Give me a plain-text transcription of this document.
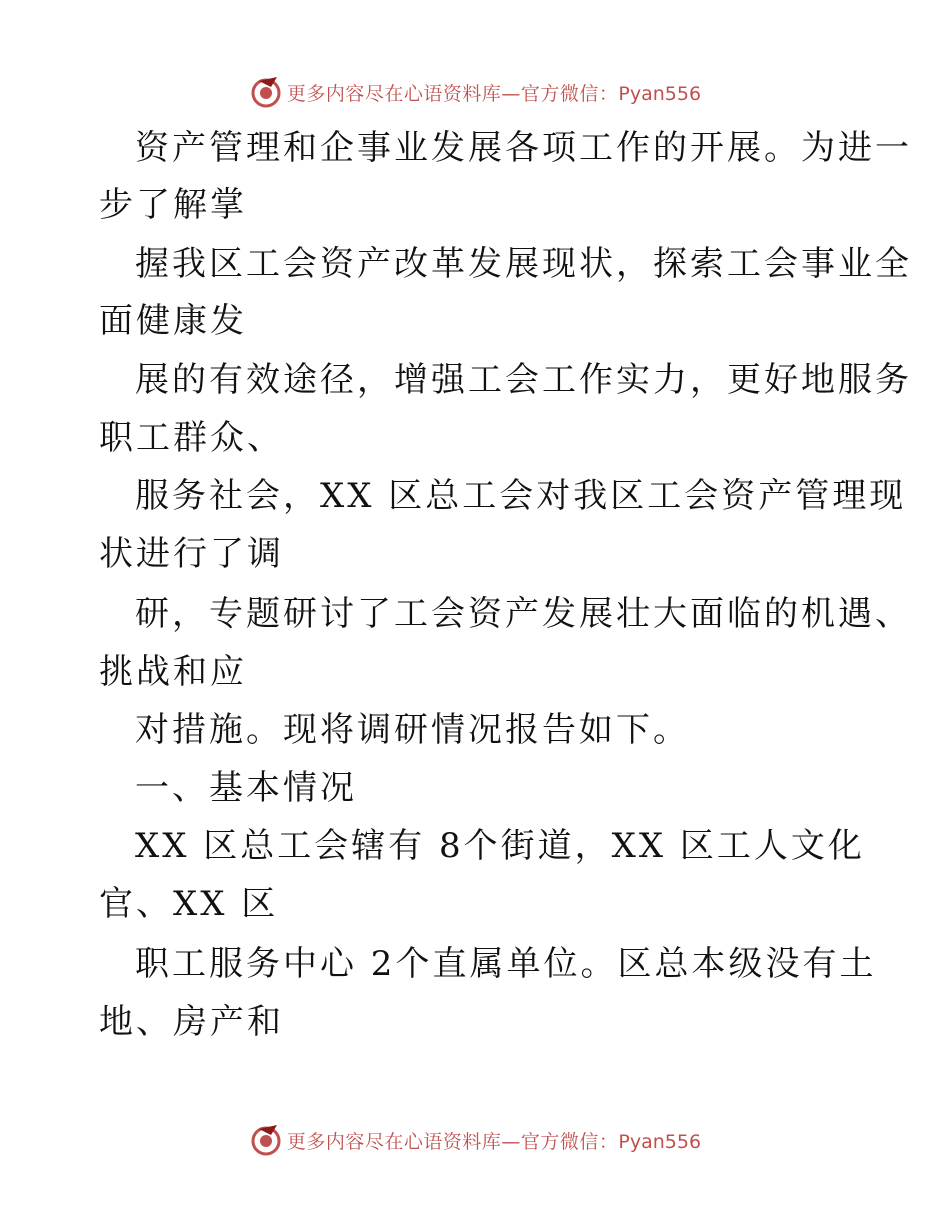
更多内容尽在心语资料库—官方微信：Pyan556
资产管理和企事业发展各项工作的开展。为进一
步了解掌
握我区工会资产改革发展现状，探索工会事业全
面健康发
展的有效途径，增强工会工作实力，更好地服务
职工群众、
服务社会，XX 区总工会对我区工会资产管理现
状进行了调
研，专题研讨了工会资产发展壮大面临的机遇、
挑战和应
对措施。现将调研情况报告如下。
一、基本情况
XX 区总工会辖有 8个街道，XX 区工人文化
官、XX 区
职工服务中心 2个直属单位。区总本级没有土
地、房产和
更多内容尽在心语资料库—官方微信：Pyan556
